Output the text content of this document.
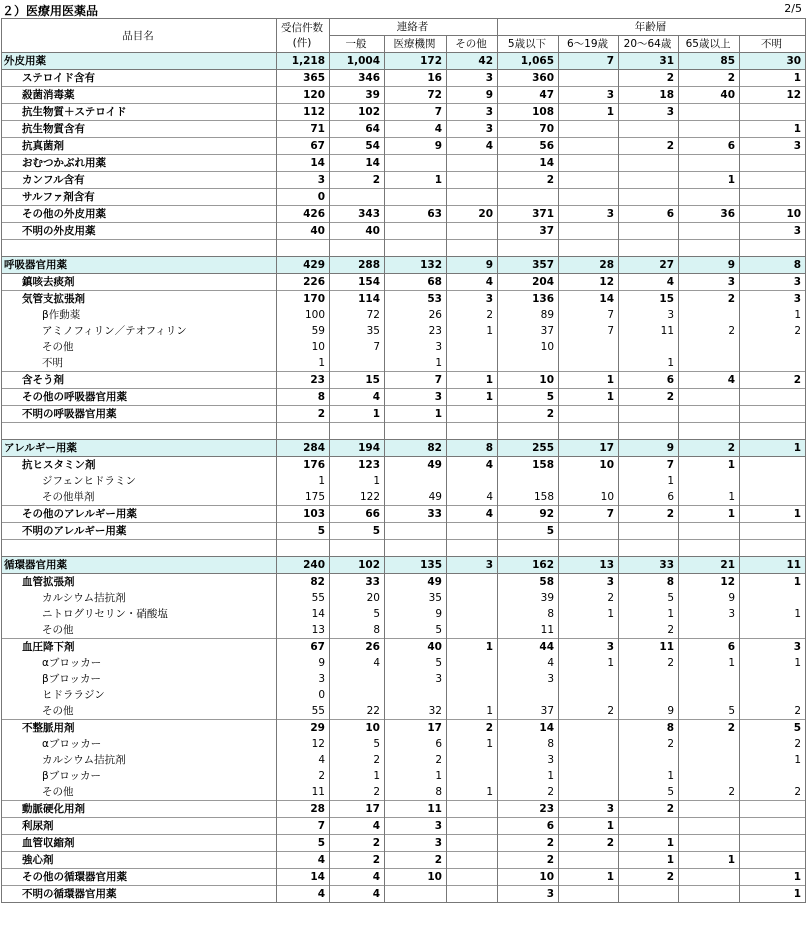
２）医療用医薬品	2/5
品目名	受信件数
(件)	連絡者			年齢層				
		一般	医療機関	その他	5歳以下	6～19歳	20～64歳	65歳以上	不明
外皮用薬	1,218	1,004	172	42	1,065	7	31	85	30
ステロイド含有	365	346	16	3	360		2	2	1
殺菌消毒薬	120	39	72	9	47	3	18	40	12
抗生物質＋ステロイド	112	102	7	3	108	1	3		
抗生物質含有	71	64	4	3	70				1
抗真菌剤	67	54	9	4	56		2	6	3
おむつかぶれ用薬	14	14			14				
カンフル含有	3	2	1		2			1	
サルファ剤含有	0								
その他の外皮用薬	426	343	63	20	371	3	6	36	10
不明の外皮用薬	40	40			37				3

呼吸器官用薬	429	288	132	9	357	28	27	9	8
鎮咳去痰剤	226	154	68	4	204	12	4	3	3
気管支拡張剤	170	114	53	3	136	14	15	2	3
β作動薬	100	72	26	2	89	7	3		1
アミノフィリン／テオフィリン	59	35	23	1	37	7	11	2	2
その他	10	7	3		10				
不明	1		1				1		
含そう剤	23	15	7	1	10	1	6	4	2
その他の呼吸器官用薬	8	4	3	1	5	1	2		
不明の呼吸器官用薬	2	1	1		2				

アレルギー用薬	284	194	82	8	255	17	9	2	1
抗ヒスタミン剤	176	123	49	4	158	10	7	1	
ジフェンヒドラミン	1	1					1		
その他単剤	175	122	49	4	158	10	6	1	
その他のアレルギー用薬	103	66	33	4	92	7	2	1	1
不明のアレルギー用薬	5	5			5				

循環器官用薬	240	102	135	3	162	13	33	21	11
血管拡張剤	82	33	49		58	3	8	12	1
カルシウム拮抗剤	55	20	35		39	2	5	9	
ニトログリセリン・硝酸塩	14	5	9		8	1	1	3	1
その他	13	8	5		11		2		
血圧降下剤	67	26	40	1	44	3	11	6	3
αブロッカー	9	4	5		4	1	2	1	1
βブロッカー	3		3		3				
ヒドララジン	0								
その他	55	22	32	1	37	2	9	5	2
不整脈用剤	29	10	17	2	14		8	2	5
αブロッカー	12	5	6	1	8		2		2
カルシウム拮抗剤	4	2	2		3				1
βブロッカー	2	1	1		1		1		
その他	11	2	8	1	2		5	2	2
動脈硬化用剤	28	17	11		23	3	2		
利尿剤	7	4	3		6	1			
血管収縮剤	5	2	3		2	2	1		
強心剤	4	2	2		2		1	1	
その他の循環器官用薬	14	4	10		10	1	2		1
不明の循環器官用薬	4	4			3				1
